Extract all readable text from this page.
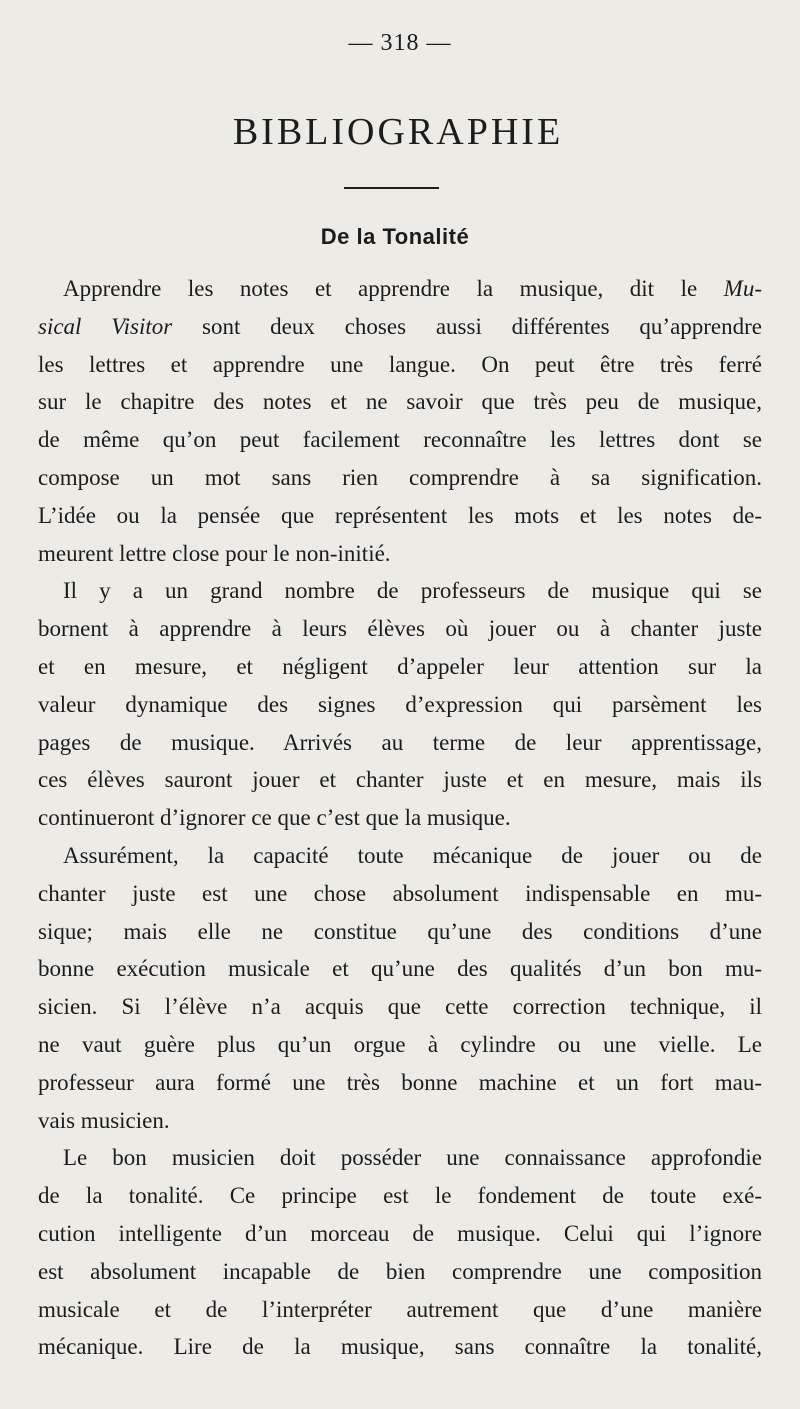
— 318 —
BIBLIOGRAPHIE
De la Tonalité
Apprendre les notes et apprendre la musique, dit le Mu-
sical Visitor sont deux choses aussi différentes qu’apprendre
les lettres et apprendre une langue. On peut être très ferré
sur le chapitre des notes et ne savoir que très peu de musique,
de même qu’on peut facilement reconnaître les lettres dont se
compose un mot sans rien comprendre à sa signification.
L’idée ou la pensée que représentent les mots et les notes de-
meurent lettre close pour le non-initié.
Il y a un grand nombre de professeurs de musique qui se
bornent à apprendre à leurs élèves où jouer ou à chanter juste
et en mesure, et négligent d’appeler leur attention sur la
valeur dynamique des signes d’expression qui parsèment les
pages de musique. Arrivés au terme de leur apprentissage,
ces élèves sauront jouer et chanter juste et en mesure, mais ils
continueront d’ignorer ce que c’est que la musique.
Assurément, la capacité toute mécanique de jouer ou de
chanter juste est une chose absolument indispensable en mu-
sique; mais elle ne constitue qu’une des conditions d’une
bonne exécution musicale et qu’une des qualités d’un bon mu-
sicien. Si l’élève n’a acquis que cette correction technique, il
ne vaut guère plus qu’un orgue à cylindre ou une vielle. Le
professeur aura formé une très bonne machine et un fort mau-
vais musicien.
Le bon musicien doit posséder une connaissance approfondie
de la tonalité. Ce principe est le fondement de toute exé-
cution intelligente d’un morceau de musique. Celui qui l’ignore
est absolument incapable de bien comprendre une composition
musicale et de l’interpréter autrement que d’une manière
mécanique. Lire de la musique, sans connaître la tonalité,
